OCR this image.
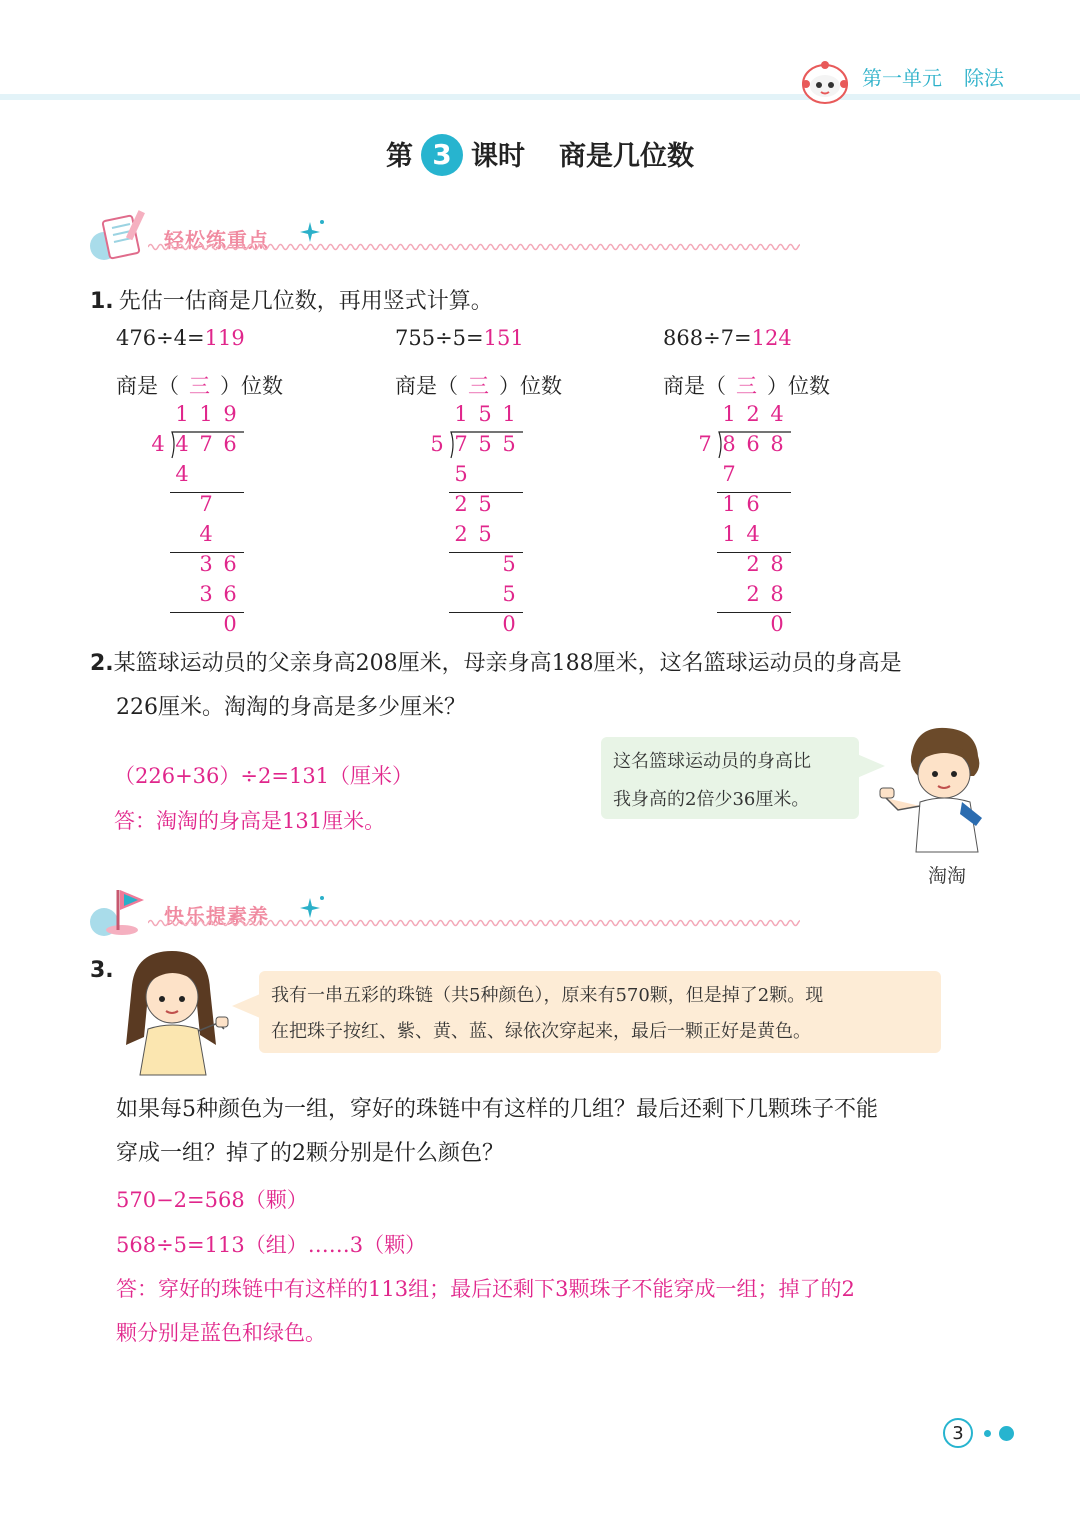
第一单元 除法
第 3 课时 商是几位数
轻松练重点
1. 先估一估商是几位数，再用竖式计算。
476÷4=119
商是（ 三 ）位数
1 1 9
4 4 7 6
4
7
4
3 6
3 6
0
755÷5=151
商是（ 三 ）位数
1 5 1
5 7 5 5
5
2 5
2 5
5
5
0
868÷7=124
商是（ 三 ）位数
1 2 4
7 8 6 8
7
1 6
1 4
2 8
2 8
0
2.某篮球运动员的父亲身高208厘米，母亲身高188厘米，这名篮球运动员的身高是
226厘米。淘淘的身高是多少厘米？
（226+36）÷2=131（厘米）
答：淘淘的身高是131厘米。
这名篮球运动员的身高比
我身高的2倍少36厘米。
淘淘
快乐提素养
3.
我有一串五彩的珠链（共5种颜色），原来有570颗，但是掉了2颗。现
在把珠子按红、紫、黄、蓝、绿依次穿起来，最后一颗正好是黄色。
如果每5种颜色为一组，穿好的珠链中有这样的几组？最后还剩下几颗珠子不能
穿成一组？掉了的2颗分别是什么颜色？
570−2=568（颗）
568÷5=113（组）……3（颗）
答：穿好的珠链中有这样的113组；最后还剩下3颗珠子不能穿成一组；掉了的2
颗分别是蓝色和绿色。
3
